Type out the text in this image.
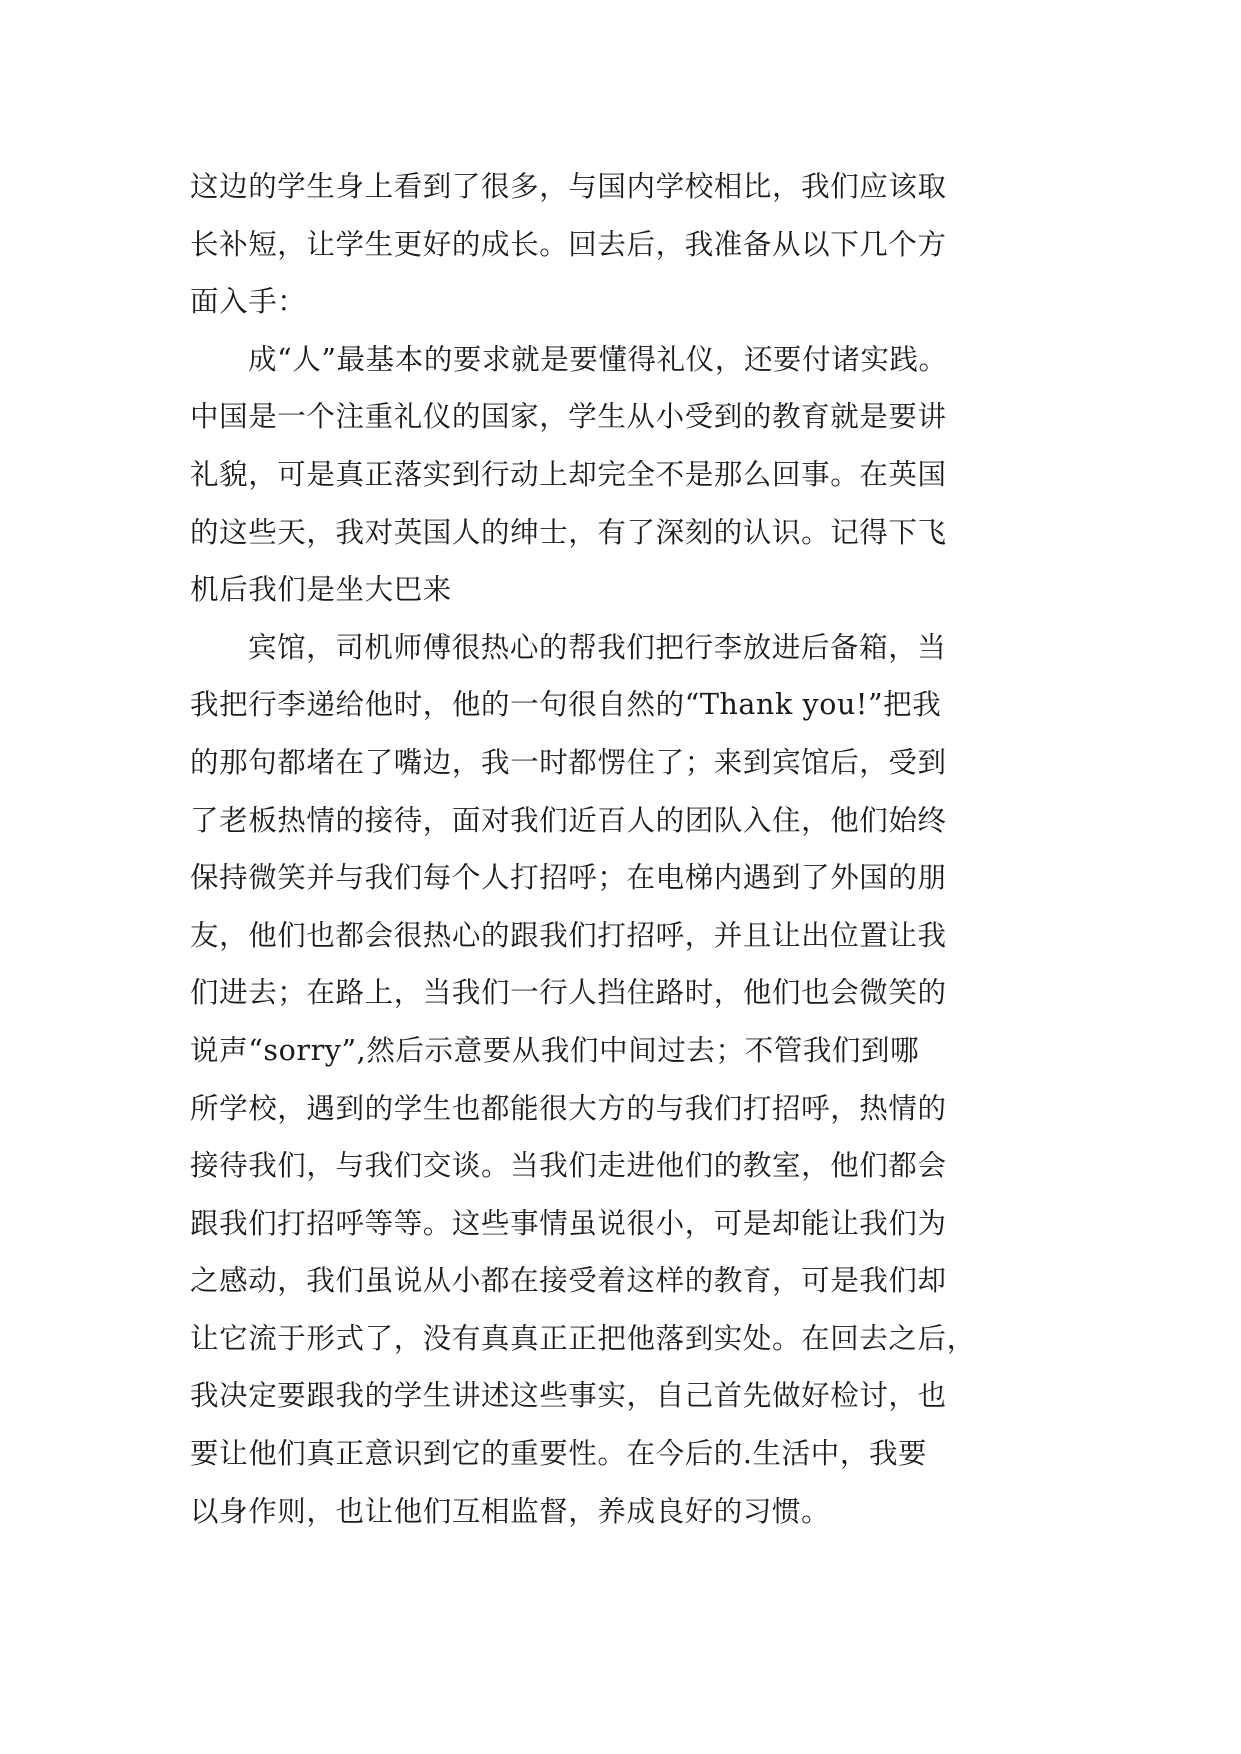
这边的学生身上看到了很多，与国内学校相比，我们应该取
长补短，让学生更好的成长。回去后，我准备从以下几个方
面入手：
成“人”最基本的要求就是要懂得礼仪，还要付诸实践。
中国是一个注重礼仪的国家，学生从小受到的教育就是要讲
礼貌，可是真正落实到行动上却完全不是那么回事。在英国
的这些天，我对英国人的绅士，有了深刻的认识。记得下飞
机后我们是坐大巴来
宾馆，司机师傅很热心的帮我们把行李放进后备箱，当
我把行李递给他时，他的一句很自然的“Thank you!”把我
的那句都堵在了嘴边，我一时都愣住了；来到宾馆后，受到
了老板热情的接待，面对我们近百人的团队入住，他们始终
保持微笑并与我们每个人打招呼；在电梯内遇到了外国的朋
友，他们也都会很热心的跟我们打招呼，并且让出位置让我
们进去；在路上，当我们一行人挡住路时，他们也会微笑的
说声“sorry”,然后示意要从我们中间过去；不管我们到哪
所学校，遇到的学生也都能很大方的与我们打招呼，热情的
接待我们，与我们交谈。当我们走进他们的教室，他们都会
跟我们打招呼等等。这些事情虽说很小，可是却能让我们为
之感动，我们虽说从小都在接受着这样的教育，可是我们却
让它流于形式了，没有真真正正把他落到实处。在回去之后，
我决定要跟我的学生讲述这些事实，自己首先做好检讨，也
要让他们真正意识到它的重要性。在今后的.生活中，我要
以身作则，也让他们互相监督，养成良好的习惯。
